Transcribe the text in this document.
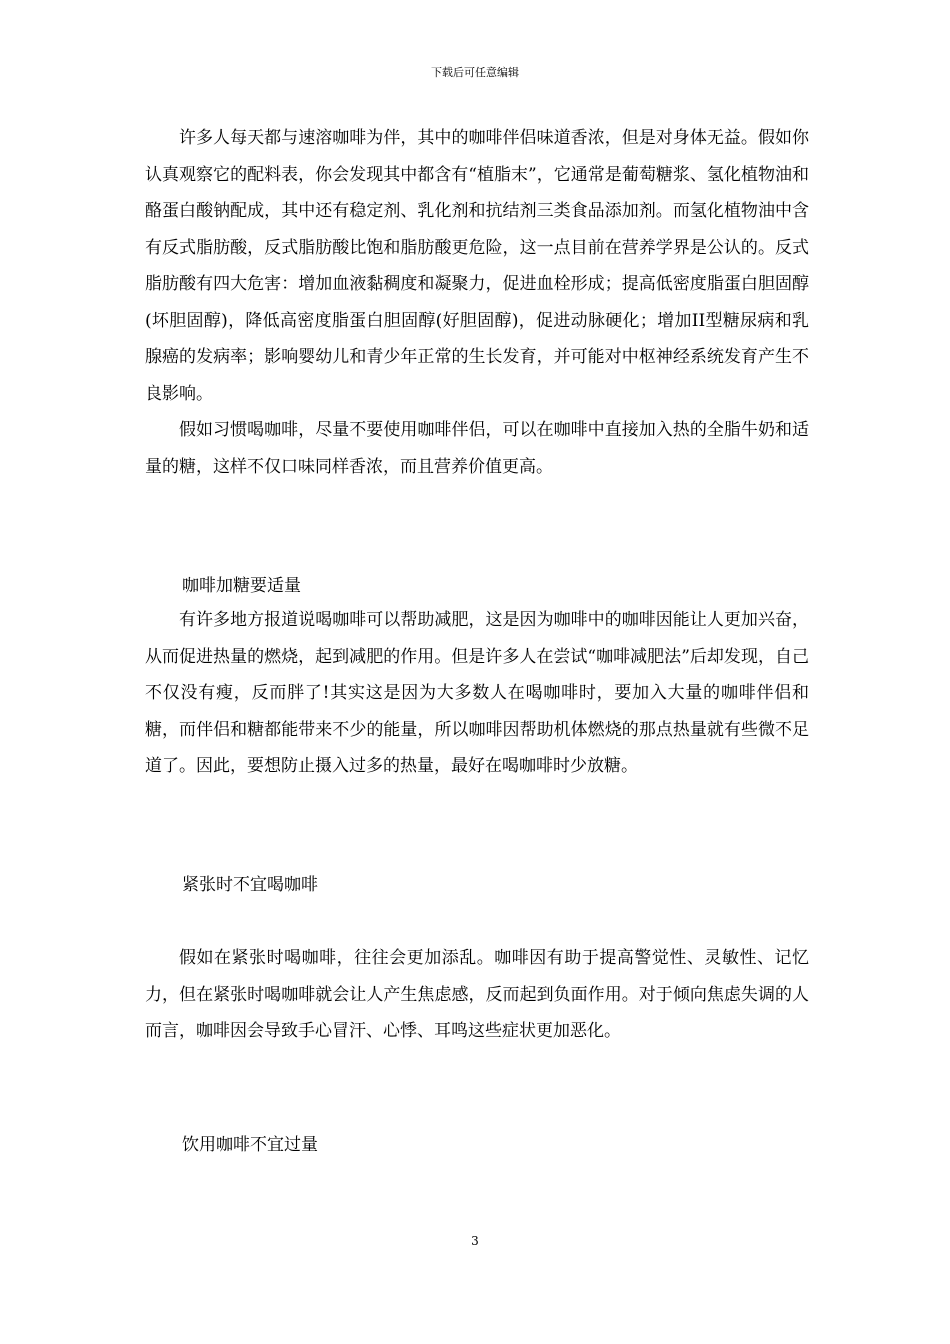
下载后可任意编辑

许多人每天都与速溶咖啡为伴，其中的咖啡伴侣味道香浓，但是对身体无益。假如你认真观察它的配料表，你会发现其中都含有“植脂末”，它通常是葡萄糖浆、氢化植物油和酪蛋白酸钠配成，其中还有稳定剂、乳化剂和抗结剂三类食品添加剂。而氢化植物油中含有反式脂肪酸，反式脂肪酸比饱和脂肪酸更危险，这一点目前在营养学界是公认的。反式脂肪酸有四大危害：增加血液黏稠度和凝聚力，促进血栓形成；提高低密度脂蛋白胆固醇(坏胆固醇)，降低高密度脂蛋白胆固醇(好胆固醇)，促进动脉硬化；增加II型糖尿病和乳腺癌的发病率；影响婴幼儿和青少年正常的生长发育，并可能对中枢神经系统发育产生不良影响。

假如习惯喝咖啡，尽量不要使用咖啡伴侣，可以在咖啡中直接加入热的全脂牛奶和适量的糖，这样不仅口味同样香浓，而且营养价值更高。

咖啡加糖要适量

有许多地方报道说喝咖啡可以帮助减肥，这是因为咖啡中的咖啡因能让人更加兴奋，从而促进热量的燃烧，起到减肥的作用。但是许多人在尝试“咖啡减肥法”后却发现，自己不仅没有瘦，反而胖了!其实这是因为大多数人在喝咖啡时，要加入大量的咖啡伴侣和糖，而伴侣和糖都能带来不少的能量，所以咖啡因帮助机体燃烧的那点热量就有些微不足道了。因此，要想防止摄入过多的热量，最好在喝咖啡时少放糖。

紧张时不宜喝咖啡

假如在紧张时喝咖啡，往往会更加添乱。咖啡因有助于提高警觉性、灵敏性、记忆力，但在紧张时喝咖啡就会让人产生焦虑感，反而起到负面作用。对于倾向焦虑失调的人而言，咖啡因会导致手心冒汗、心悸、耳鸣这些症状更加恶化。

饮用咖啡不宜过量
3
